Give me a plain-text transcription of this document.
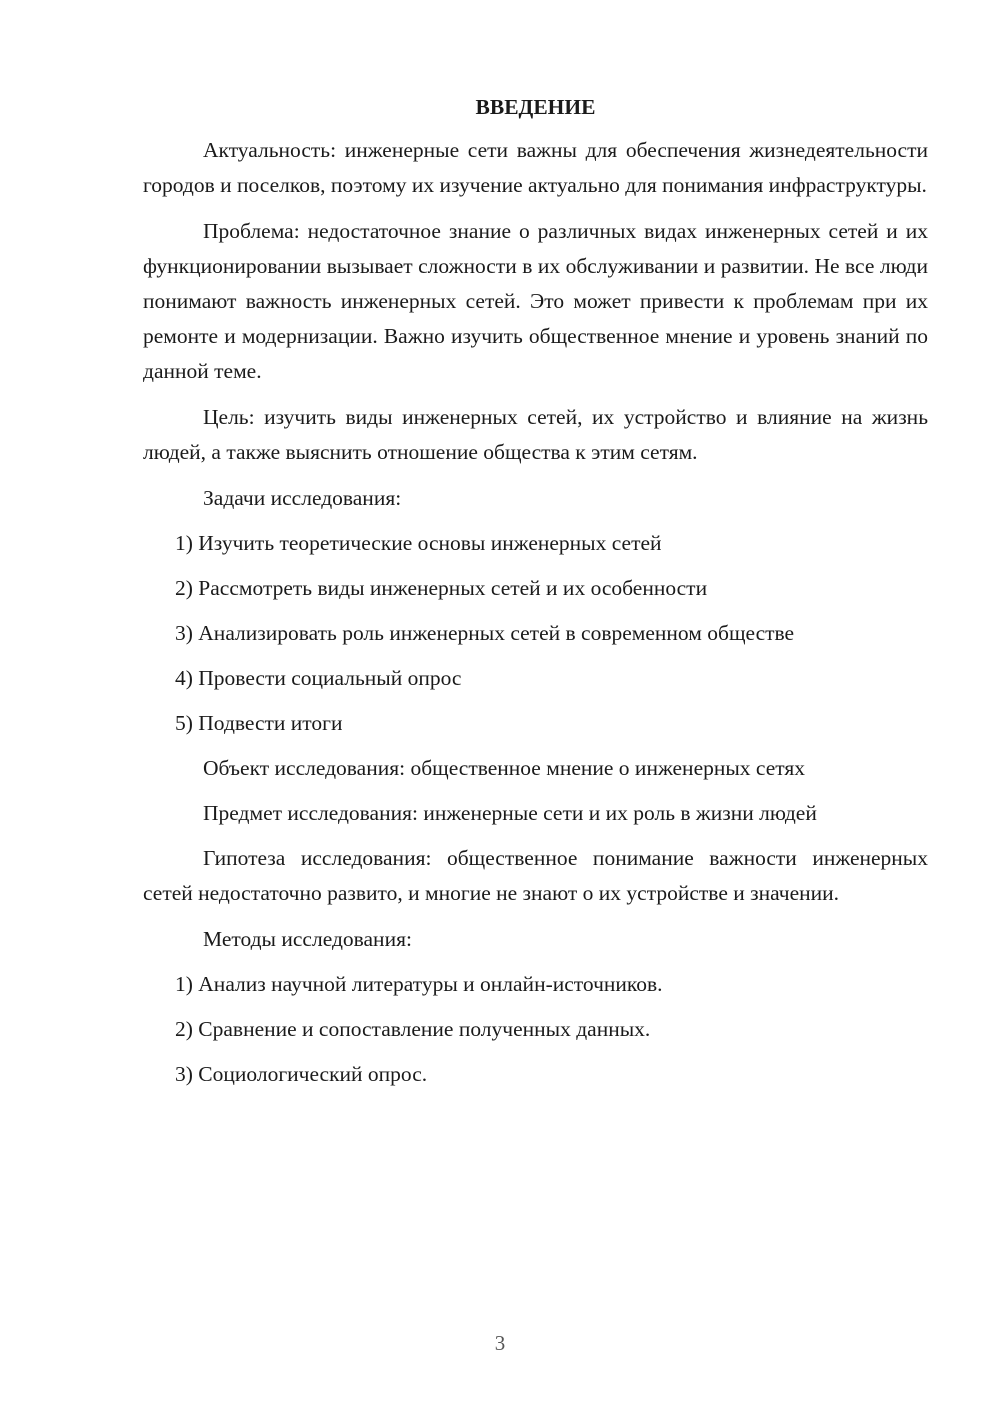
ВВЕДЕНИЕ
Актуальность: инженерные сети важны для обеспечения жизнедеятельности городов и поселков, поэтому их изучение актуально для понимания инфраструктуры.
Проблема: недостаточное знание о различных видах инженерных сетей и их функционировании вызывает сложности в их обслуживании и развитии. Не все люди понимают важность инженерных сетей. Это может привести к проблемам при их ремонте и модернизации. Важно изучить общественное мнение и уровень знаний по данной теме.
Цель: изучить виды инженерных сетей, их устройство и влияние на жизнь людей, а также выяснить отношение общества к этим сетям.
Задачи исследования:
1) Изучить теоретические основы инженерных сетей
2) Рассмотреть виды инженерных сетей и их особенности
3) Анализировать роль инженерных сетей в современном обществе
4) Провести социальный опрос
5) Подвести итоги
Объект исследования: общественное мнение о инженерных сетях
Предмет исследования: инженерные сети и их роль в жизни людей
Гипотеза исследования: общественное понимание важности инженерных сетей недостаточно развито, и многие не знают о их устройстве и значении.
Методы исследования:
1) Анализ научной литературы и онлайн-источников.
2) Сравнение и сопоставление полученных данных.
3) Социологический опрос.
3
